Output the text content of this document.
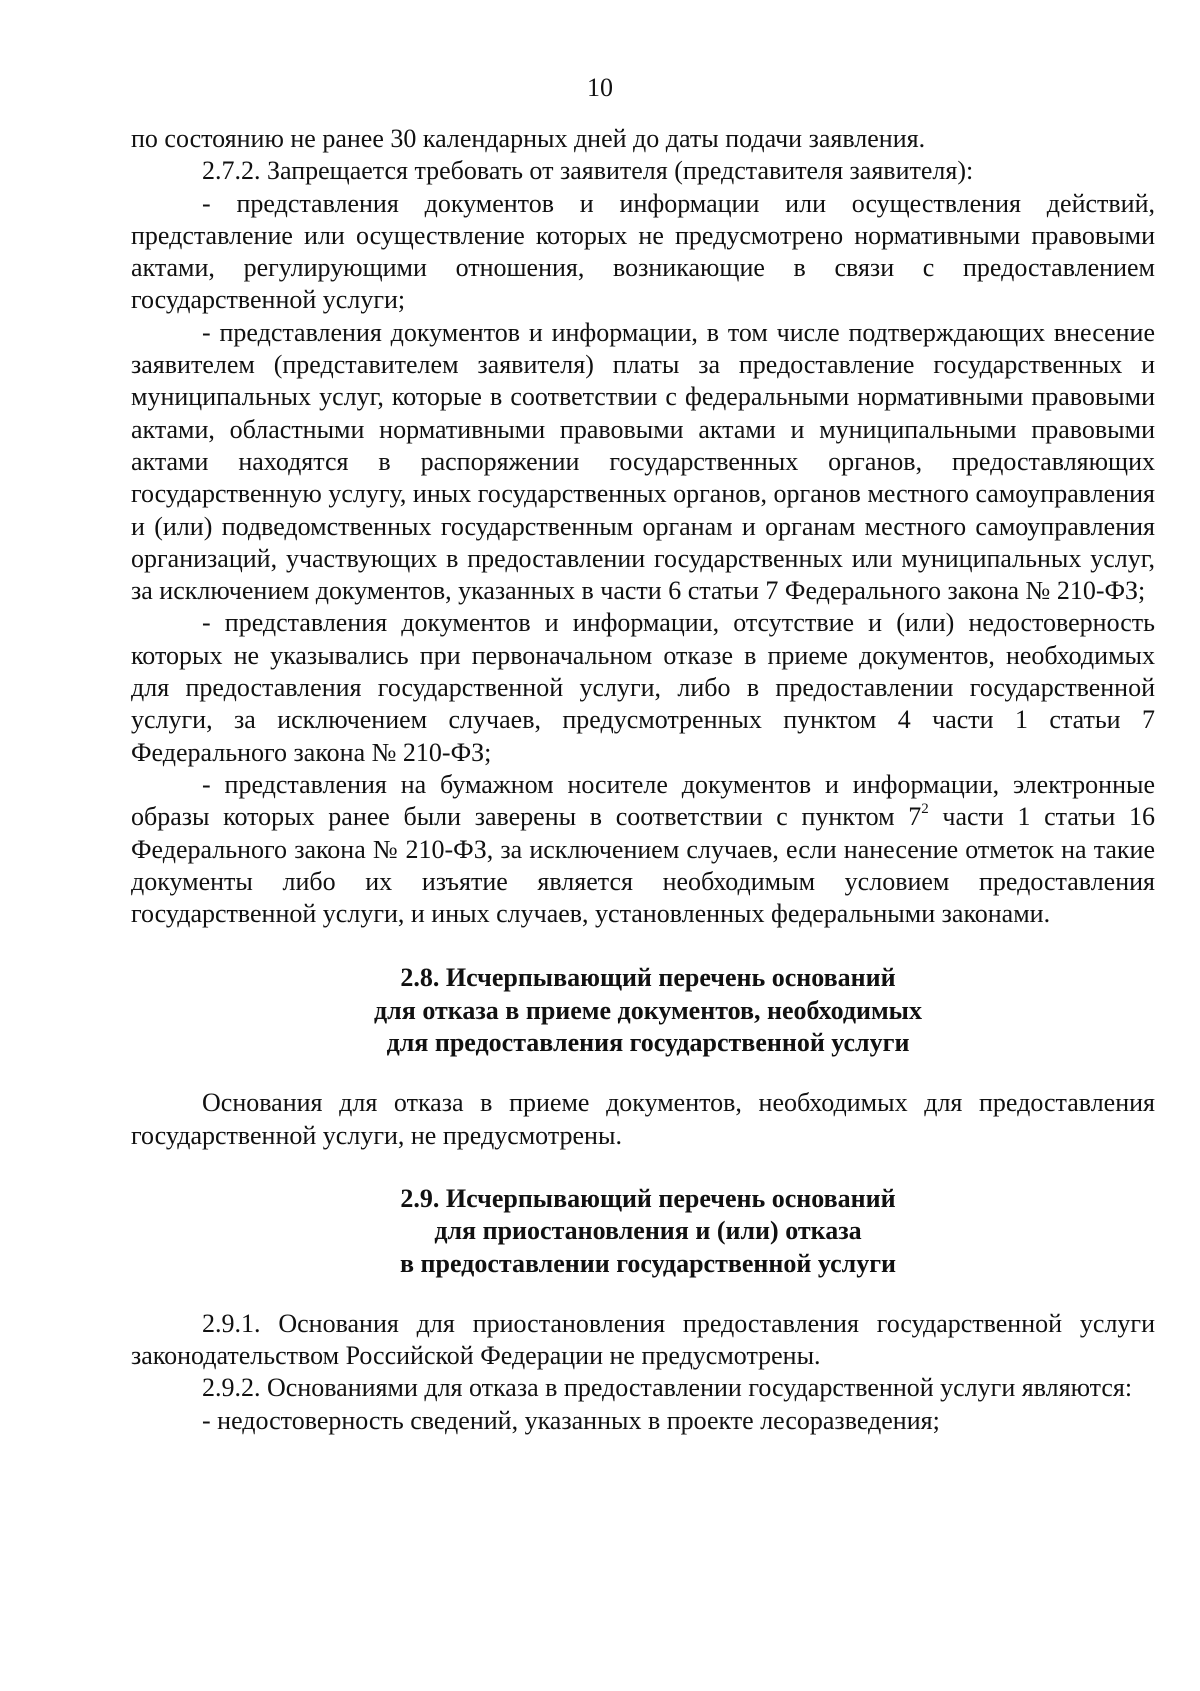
10

по состоянию не ранее 30 календарных дней до даты подачи заявления.

2.7.2. Запрещается требовать от заявителя (представителя заявителя):

- представления документов и информации или осуществления действий, представление или осуществление которых не предусмотрено нормативными правовыми актами, регулирующими отношения, возникающие в связи с предоставлением государственной услуги;

- представления документов и информации, в том числе подтверждающих внесение заявителем (представителем заявителя) платы за предоставление государственных и муниципальных услуг, которые в соответствии с федеральными нормативными правовыми актами, областными нормативными правовыми актами и муниципальными правовыми актами находятся в распоряжении государственных органов, предоставляющих государственную услугу, иных государственных органов, органов местного самоуправления и (или) подведомственных государственным органам и органам местного самоуправления организаций, участвующих в предоставлении государственных или муниципальных услуг, за исключением документов, указанных в части 6 статьи 7 Федерального закона № 210-ФЗ;

- представления документов и информации, отсутствие и (или) недостоверность которых не указывались при первоначальном отказе в приеме документов, необходимых для предоставления государственной услуги, либо в предоставлении государственной услуги, за исключением случаев, предусмотренных пунктом 4 части 1 статьи 7 Федерального закона № 210-ФЗ;

- представления на бумажном носителе документов и информации, электронные образы которых ранее были заверены в соответствии с пунктом $7^2$ части 1 статьи 16 Федерального закона № 210-ФЗ, за исключением случаев, если нанесение отметок на такие документы либо их изъятие является необходимым условием предоставления государственной услуги, и иных случаев, установленных федеральными законами.

2.8. Исчерпывающий перечень оснований
для отказа в приеме документов, необходимых
для предоставления государственной услуги

Основания для отказа в приеме документов, необходимых для предоставления государственной услуги, не предусмотрены.

2.9. Исчерпывающий перечень оснований
для приостановления и (или) отказа
в предоставлении государственной услуги

2.9.1. Основания для приостановления предоставления государственной услуги законодательством Российской Федерации не предусмотрены.

2.9.2. Основаниями для отказа в предоставлении государственной услуги являются:

- недостоверность сведений, указанных в проекте лесоразведения;
